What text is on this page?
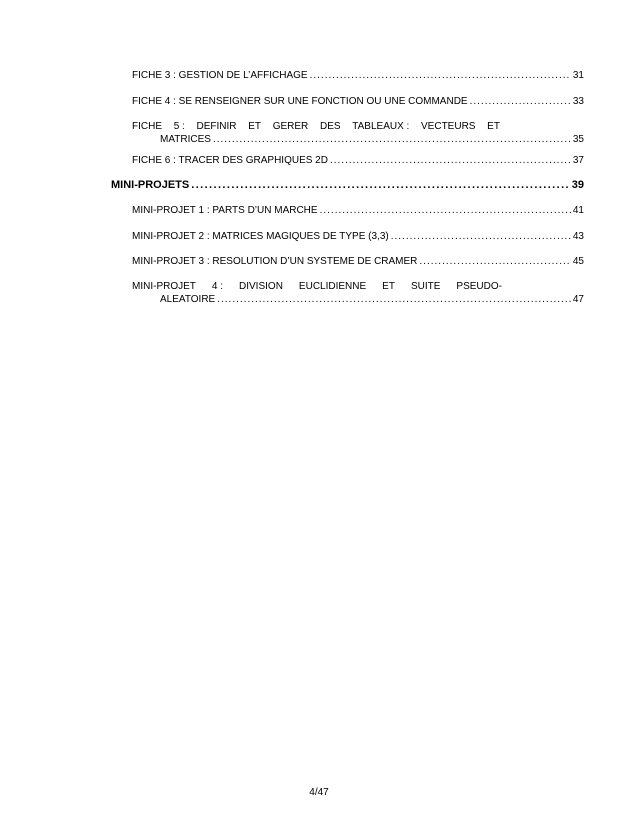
FICHE 3 : GESTION DE L’AFFICHAGE .....	31
FICHE 4 : SE RENSEIGNER SUR UNE FONCTION OU UNE COMMANDE .....	33
FICHE 5 : DEFINIR ET GERER DES TABLEAUX : VECTEURS ET
MATRICES .....	35
FICHE 6 : TRACER DES GRAPHIQUES 2D .....	37
MINI-PROJETS .....	39
MINI-PROJET 1 : PARTS D’UN MARCHE .....	41
MINI-PROJET 2 : MATRICES MAGIQUES DE TYPE (3,3) .....	43
MINI-PROJET 3 : RESOLUTION D’UN SYSTEME DE CRAMER .....	45
MINI-PROJET 4 : DIVISION EUCLIDIENNE ET SUITE PSEUDO-
ALEATOIRE .....	47
4/47
